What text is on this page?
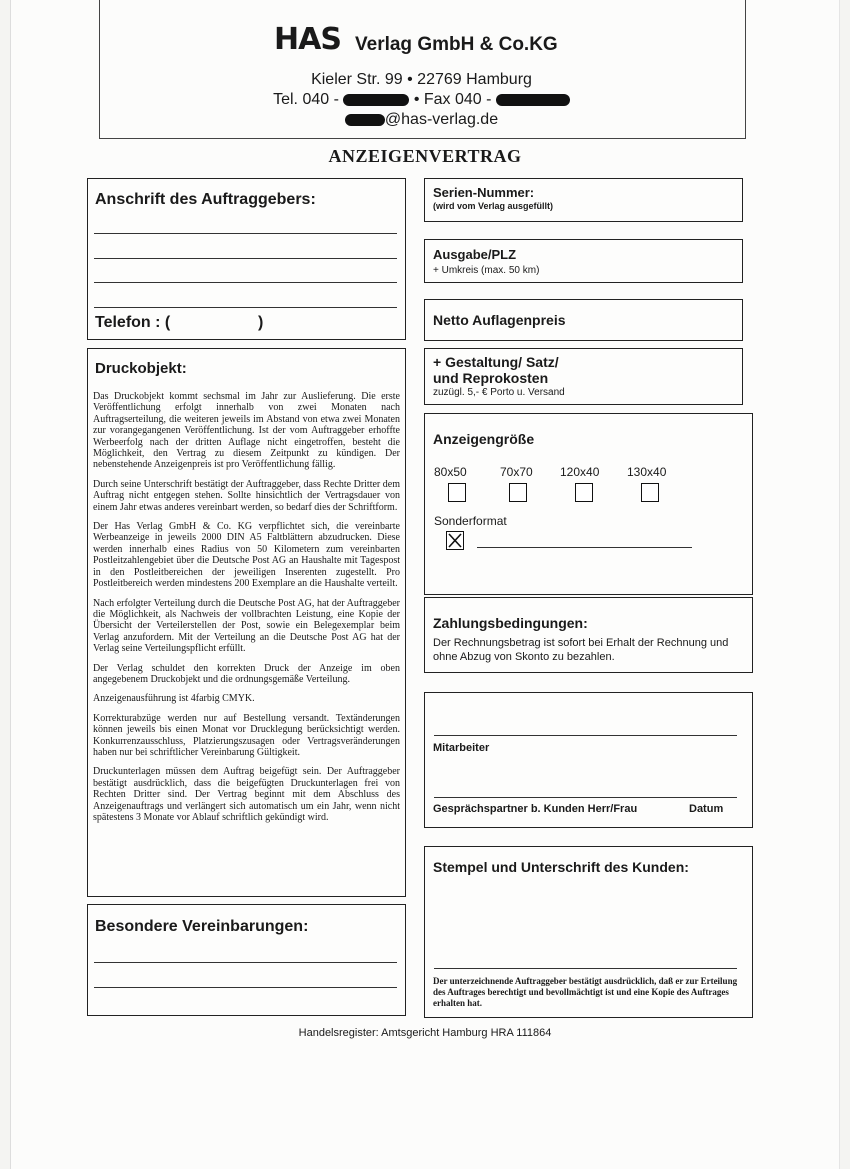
HAS Verlag GmbH & Co.KG
Kieler Str. 99 • 22769 Hamburg
Tel. 040 -	• Fax 040 -
@has-verlag.de
ANZEIGENVERTRAG
Anschrift des Auftraggebers:
Telefon : (	)
Druckobjekt:

Das Druckobjekt kommt sechsmal im Jahr zur Auslieferung. Die erste Veröffentlichung erfolgt innerhalb von zwei Monaten nach Auftragserteilung, die weiteren jeweils im Abstand von etwa zwei Monaten zur vorangegangenen Veröffentlichung. Ist der vom Auftraggeber erhoffte Werbeerfolg nach der dritten Auflage nicht eingetroffen, besteht die Möglichkeit, den Vertrag zu diesem Zeitpunkt zu kündigen. Der nebenstehende Anzeigenpreis ist pro Veröffentlichung fällig.

Durch seine Unterschrift bestätigt der Auftraggeber, dass Rechte Dritter dem Auftrag nicht entgegen stehen. Sollte hinsichtlich der Vertragsdauer von einem Jahr etwas anderes vereinbart werden, so bedarf dies der Schriftform.

Der Has Verlag GmbH & Co. KG verpflichtet sich, die vereinbarte Werbeanzeige in jeweils 2000 DIN A5 Faltblättern abzudrucken. Diese werden innerhalb eines Radius von 50 Kilometern zum vereinbarten Postleitzahlengebiet über die Deutsche Post AG an Haushalte mit Tagespost in den Postleitbereichen der jeweiligen Inserenten zugestellt. Pro Postleitbereich werden mindestens 200 Exemplare an die Haushalte verteilt.

Nach erfolgter Verteilung durch die Deutsche Post AG, hat der Auftraggeber die Möglichkeit, als Nachweis der vollbrachten Leistung, eine Kopie der Übersicht der Verteilerstellen der Post, sowie ein Belegexemplar beim Verlag anzufordern. Mit der Verteilung an die Deutsche Post AG hat der Verlag seine Verteilungspflicht erfüllt.

Der Verlag schuldet den korrekten Druck der Anzeige im oben angegebenem Druckobjekt und die ordnungsgemäße Verteilung.

Anzeigenausführung ist 4farbig CMYK.

Korrekturabzüge werden nur auf Bestellung versandt. Textänderungen können jeweils bis einen Monat vor Drucklegung berücksichtigt werden. Konkurrenzausschluss, Platzierungszusagen oder Vertragsveränderungen haben nur bei schriftlicher Vereinbarung Gültigkeit.

Druckunterlagen müssen dem Auftrag beigefügt sein. Der Auftraggeber bestätigt ausdrücklich, dass die beigefügten Druckunterlagen frei von Rechten Dritter sind. Der Vertrag beginnt mit dem Abschluss des Anzeigenauftrags und verlängert sich automatisch um ein Jahr, wenn nicht spätestens 3 Monate vor Ablauf schriftlich gekündigt wird.

Besondere Vereinbarungen:
Serien-Nummer:
(wird vom Verlag ausgefüllt)
Ausgabe/PLZ
+ Umkreis (max. 50 km)
Netto Auflagenpreis
+ Gestaltung/ Satz/
und Reprokosten
zuzügl. 5,- € Porto u. Versand
Anzeigengröße
80x50	70x70 120x40 130x40
Sonderformat
Zahlungsbedingungen:
Der Rechnungsbetrag ist sofort bei Erhalt der Rechnung und ohne Abzug von Skonto zu bezahlen.
Mitarbeiter
Gesprächspartner b. Kunden Herr/Frau	Datum
Stempel und Unterschrift des Kunden:
Der unterzeichnende Auftraggeber bestätigt ausdrücklich, daß er zur Erteilung des Auftrages berechtigt und bevollmächtigt ist und eine Kopie des Auftrages erhalten hat.
Handelsregister: Amtsgericht Hamburg HRA 111864
